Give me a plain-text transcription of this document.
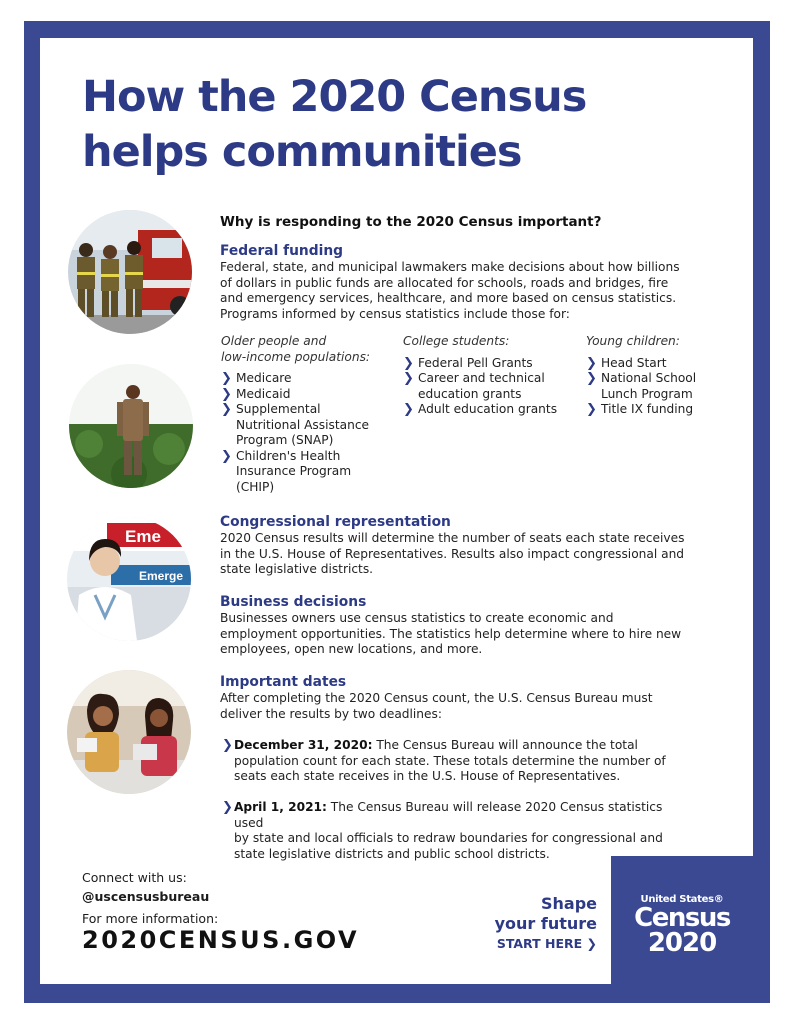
How the 2020 Census
helps communities
Eme
Emerge
Why is responding to the 2020 Census important?
Federal funding
Federal, state, and municipal lawmakers make decisions about how billions
of dollars in public funds are allocated for schools, roads and bridges, fire
and emergency services, healthcare, and more based on census statistics.
Programs informed by census statistics include those for:
Older people and
low-income populations:
❯ Medicare
❯ Medicaid
❯ Supplemental
Nutritional Assistance
Program (SNAP)
❯ Children's Health
Insurance Program
(CHIP)
College students:
❯ Federal Pell Grants
❯ Career and technical
education grants
❯ Adult education grants
Young children:
❯ Head Start
❯ National School
Lunch Program
❯ Title IX funding
Congressional representation
2020 Census results will determine the number of seats each state receives
in the U.S. House of Representatives. Results also impact congressional and
state legislative districts.
Business decisions
Businesses owners use census statistics to create economic and
employment opportunities. The statistics help determine where to hire new
employees, open new locations, and more.
Important dates
After completing the 2020 Census count, the U.S. Census Bureau must
deliver the results by two deadlines:
❯ December 31, 2020: The Census Bureau will announce the total
population count for each state. These totals determine the number of
seats each state receives in the U.S. House of Representatives.
❯ April 1, 2021: The Census Bureau will release 2020 Census statistics used
by state and local officials to redraw boundaries for congressional and
state legislative districts and public school districts.
Connect with us:
@uscensusbureau
For more information:
2020CENSUS.GOV
Shape
your future
START HERE ❯
United States®
Census
2020
